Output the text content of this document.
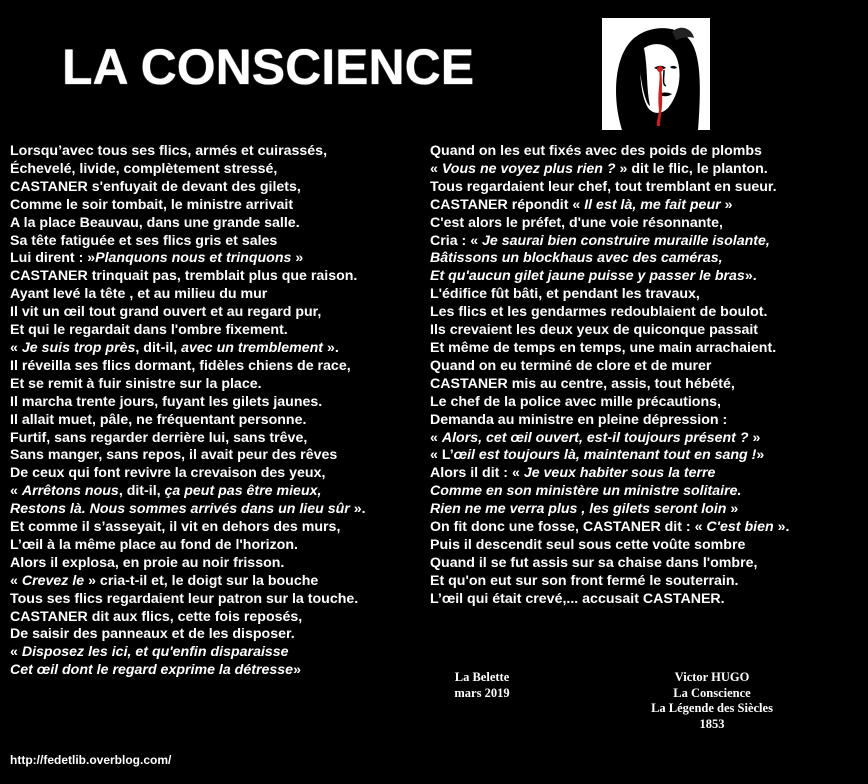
LA CONSCIENCE
Lorsqu’avec tous ses flics, armés et cuirassés,
Échevelé, livide, complètement stressé,
CASTANER s'enfuyait de devant des gilets,
Comme le soir tombait, le ministre arrivait
A la place Beauvau, dans une grande salle.
Sa tête fatiguée et ses flics gris et sales
Lui dirent : »Planquons nous et trinquons »
CASTANER trinquait pas, tremblait plus que raison.
Ayant levé la tête , et au milieu du mur
Il vit un œil tout grand ouvert et au regard pur,
Et qui le regardait dans l'ombre fixement.
« Je suis trop près, dit-il, avec un tremblement ».
Il réveilla ses flics dormant, fidèles chiens de race,
Et se remit à fuir sinistre sur la place.
Il marcha trente jours, fuyant les gilets jaunes.
Il allait muet, pâle, ne fréquentant personne.
Furtif, sans regarder derrière lui, sans trêve,
Sans manger, sans repos, il avait peur des rêves
De ceux qui font revivre la crevaison des yeux,
« Arrêtons nous, dit-il, ça peut pas être mieux,
Restons là. Nous sommes arrivés dans un lieu sûr ».
Et comme il s’asseyait, il vit en dehors des murs,
L’œil à la même place au fond de l'horizon.
Alors il explosa, en proie au noir frisson.
« Crevez le » cria-t-il et, le doigt sur la bouche
Tous ses flics regardaient leur patron sur la touche.
CASTANER dit aux flics, cette fois reposés,
De saisir des panneaux et de les disposer.
« Disposez les ici, et qu'enfin disparaisse
Cet œil dont le regard exprime la détresse»
Quand on les eut fixés avec des poids de plombs
« Vous ne voyez plus rien ? » dit le flic, le planton.
Tous regardaient leur chef, tout tremblant en sueur.
CASTANER répondit « Il est là, me fait peur »
C'est alors le préfet, d'une voie résonnante,
Cria : « Je saurai bien construire muraille isolante,
Bâtissons un blockhaus avec des caméras,
Et qu'aucun gilet jaune puisse y passer le bras».
L'édifice fût bâti, et pendant les travaux,
Les flics et les gendarmes redoublaient de boulot.
Ils crevaient les deux yeux de quiconque passait
Et même de temps en temps, une main arrachaient.
Quand on eu terminé de clore et de murer
CASTANER mis au centre, assis, tout hébété,
Le chef de la police avec mille précautions,
Demanda au ministre en pleine dépression :
« Alors, cet œil ouvert, est-il toujours présent ? »
« L’œil est toujours là, maintenant tout en sang !»
Alors il dit : « Je veux habiter sous la terre
Comme en son ministère un ministre solitaire.
Rien ne me verra plus , les gilets seront loin »
On fit donc une fosse, CASTANER dit : « C'est bien ».
Puis il descendit seul sous cette voûte sombre
Quand il se fut assis sur sa chaise dans l'ombre,
Et qu'on eut sur son front fermé le souterrain.
L’œil qui était crevé,... accusait CASTANER.
La Belette
mars 2019
Victor HUGO
La Conscience
La Légende des Siècles
1853
http://fedetlib.overblog.com/
